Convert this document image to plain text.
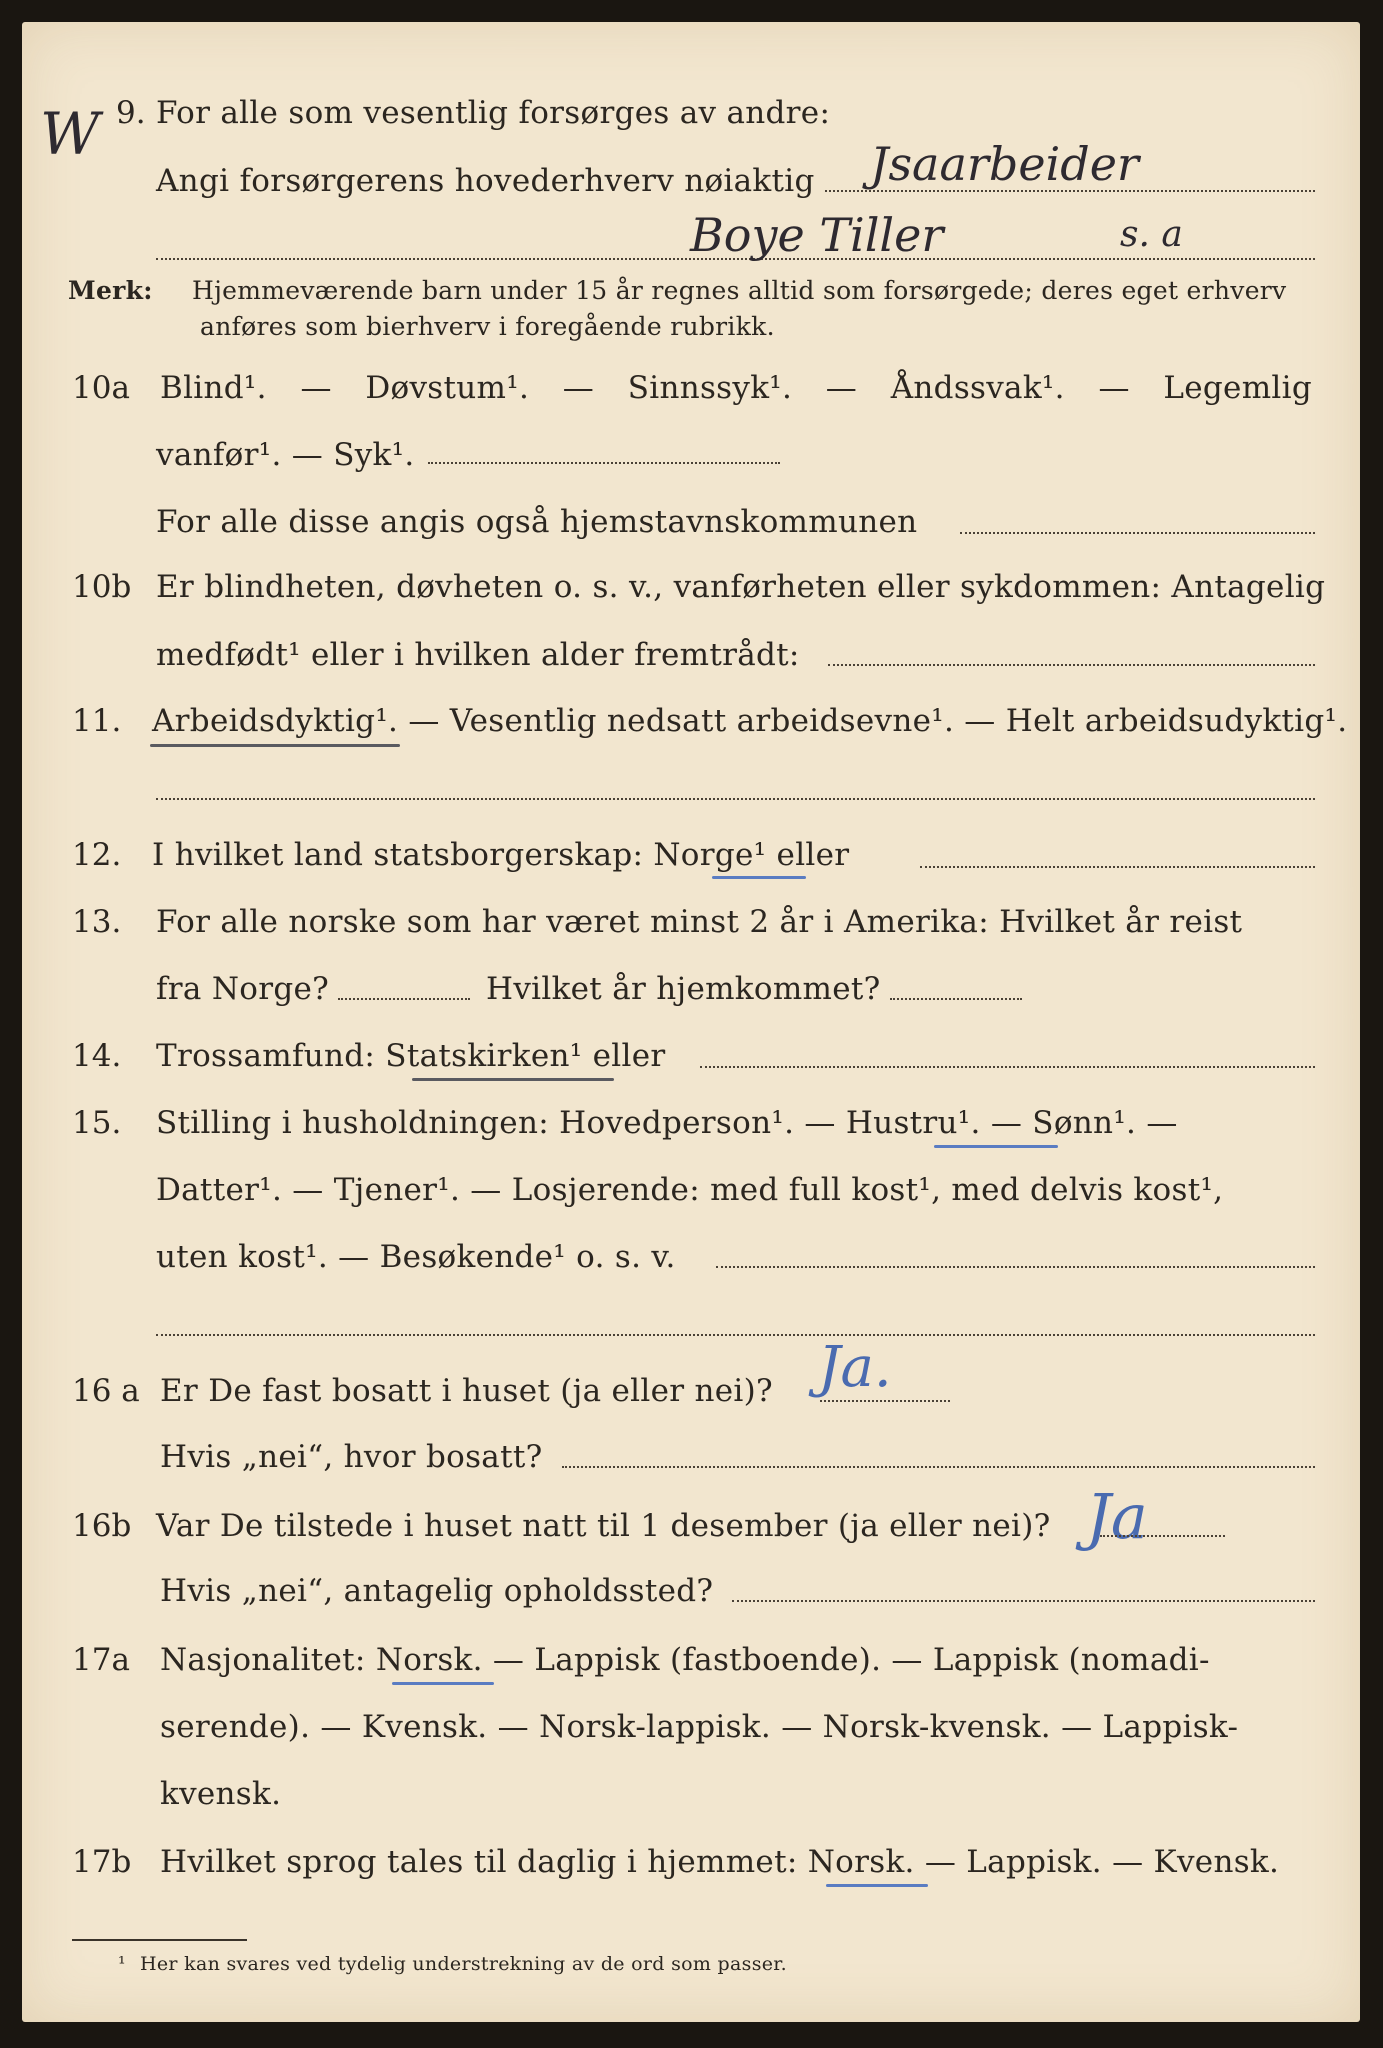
W 9. For alle som vesentlig forsørges av andre:
Angi forsørgerens hovederhverv nøiaktig Jsaarbeider
Boye Tiller	s. a
Merk: Hjemmeværende barn under 15 år regnes alltid som forsørgede; deres eget erhverv
anføres som bierhverv i foregående rubrikk.
10a Blind¹. — Døvstum¹. — Sinnssyk¹. — Åndssvak¹. — Legemlig
vanfør¹. — Syk¹.
For alle disse angis også hjemstavnskommunen
10b Er blindheten, døvheten o. s. v., vanførheten eller sykdommen: Antagelig
medfødt¹ eller i hvilken alder fremtrådt:
11. Arbeidsdyktig¹. — Vesentlig nedsatt arbeidsevne¹. — Helt arbeidsudyktig¹.
12. I hvilket land statsborgerskap: Norge¹ eller
13. For alle norske som har været minst 2 år i Amerika: Hvilket år reist
fra Norge?	Hvilket år hjemkommet?
14. Trossamfund: Statskirken¹ eller
15. Stilling i husholdningen: Hovedperson¹. — Hustru¹. — Sønn¹. —
Datter¹. — Tjener¹. — Losjerende: med full kost¹, med delvis kost¹,
uten kost¹. — Besøkende¹ o. s. v.
16 a Er De fast bosatt i huset (ja eller nei)? Ja.
Hvis „nei“, hvor bosatt?
16b Var De tilstede i huset natt til 1 desember (ja eller nei)? Ja
Hvis „nei“, antagelig opholdssted?
17a Nasjonalitet: Norsk. — Lappisk (fastboende). — Lappisk (nomadi-
serende). — Kvensk. — Norsk-lappisk. — Norsk-kvensk. — Lappisk-
kvensk.
17b Hvilket sprog tales til daglig i hjemmet: Norsk. — Lappisk. — Kvensk.
¹ Her kan svares ved tydelig understrekning av de ord som passer.
